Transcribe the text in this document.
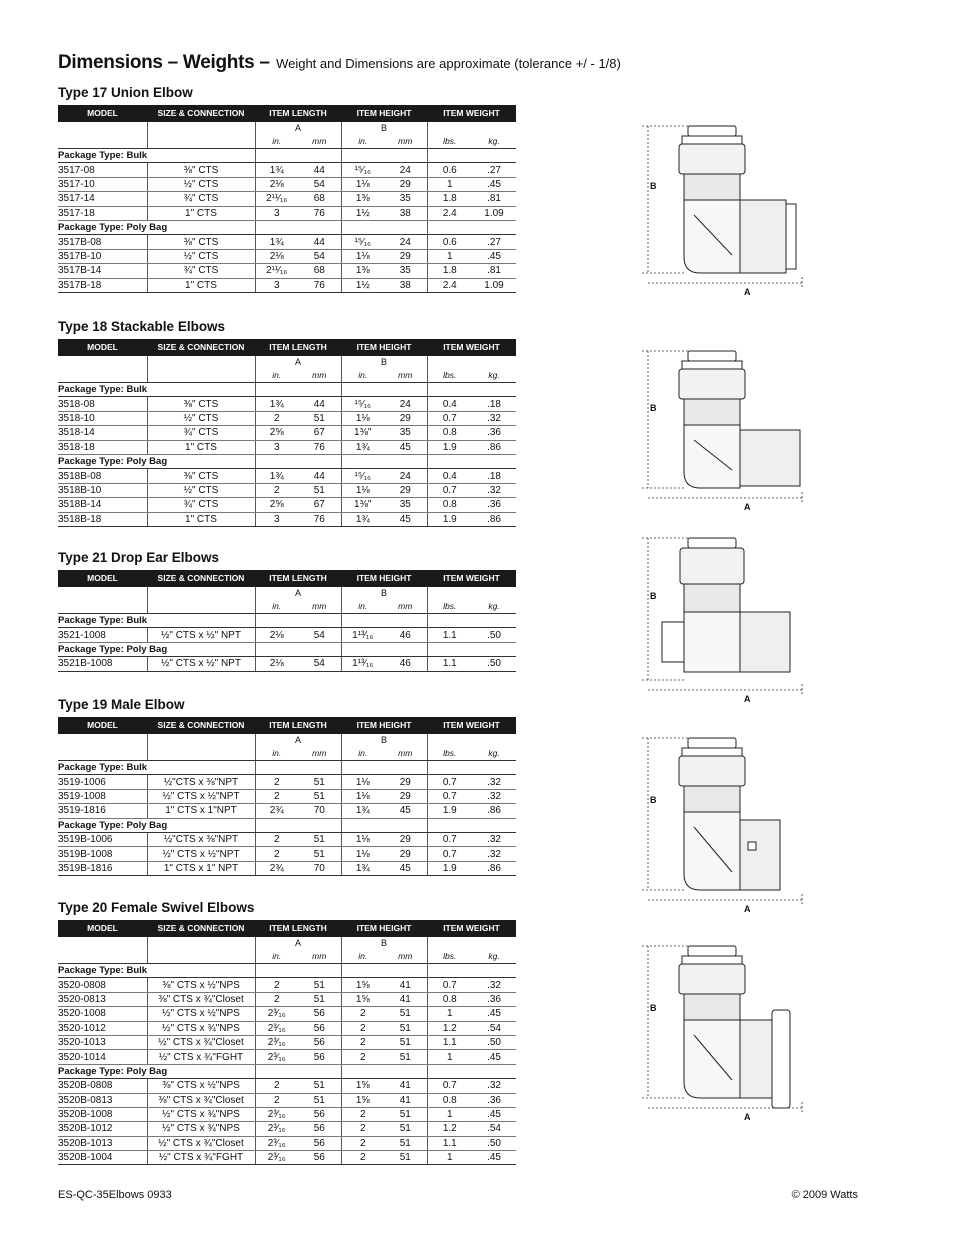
Dimensions – Weights – Weight and Dimensions are approximate (tolerance +/ - 1/8)
Type 17 Union Elbow
MODEL	SIZE & CONNECTION	ITEM LENGTH		ITEM HEIGHT		ITEM WEIGHT	
		A		B			
		in.	mm	in.	mm	lbs.	kg.
Package Type: Bulk							
3517-08	⅜" CTS	1¾	44	¹⁵⁄₁₆	24	0.6	.27
3517-10	½" CTS	2⅛	54	1⅛	29	1	.45
3517-14	¾" CTS	2¹¹⁄₁₆	68	1⅜	35	1.8	.81
3517-18	1" CTS	3	76	1½	38	2.4	1.09
Package Type: Poly Bag							
3517B-08	⅜" CTS	1¾	44	¹⁵⁄₁₆	24	0.6	.27
3517B-10	½" CTS	2⅛	54	1⅛	29	1	.45
3517B-14	¾" CTS	2¹¹⁄₁₆	68	1⅜	35	1.8	.81
3517B-18	1" CTS	3	76	1½	38	2.4	1.09
Type 18 Stackable Elbows
MODEL	SIZE & CONNECTION	ITEM LENGTH		ITEM HEIGHT		ITEM WEIGHT	
		A		B			
		in.	mm	in.	mm	lbs.	kg.
Package Type: Bulk							
3518-08	⅜" CTS	1¾	44	¹⁵⁄₁₆	24	0.4	.18
3518-10	½" CTS	2	51	1⅛	29	0.7	.32
3518-14	¾" CTS	2⅝	67	1⅜"	35	0.8	.36
3518-18	1" CTS	3	76	1¾	45	1.9	.86
Package Type: Poly Bag							
3518B-08	⅜" CTS	1¾	44	¹⁵⁄₁₆	24	0.4	.18
3518B-10	½" CTS	2	51	1⅛	29	0.7	.32
3518B-14	¾" CTS	2⅝	67	1⅜"	35	0.8	.36
3518B-18	1" CTS	3	76	1¾	45	1.9	.86
Type 21 Drop Ear Elbows
MODEL	SIZE & CONNECTION	ITEM LENGTH		ITEM HEIGHT		ITEM WEIGHT	
		A		B			
		in.	mm	in.	mm	lbs.	kg.
Package Type: Bulk							
3521-1008	½" CTS x ½" NPT	2⅛	54	1¹³⁄₁₆	46	1.1	.50
Package Type: Poly Bag							
3521B-1008	½" CTS x ½" NPT	2⅛	54	1¹³⁄₁₆	46	1.1	.50
Type 19 Male Elbow
MODEL	SIZE & CONNECTION	ITEM LENGTH		ITEM HEIGHT		ITEM WEIGHT	
		A		B			
		in.	mm	in.	mm	lbs.	kg.
Package Type: Bulk							
3519-1006	½"CTS x ⅜"NPT	2	51	1⅛	29	0.7	.32
3519-1008	½" CTS x ½"NPT	2	51	1⅛	29	0.7	.32
3519-1816	1" CTS x 1"NPT	2¾	70	1¾	45	1.9	.86
Package Type: Poly Bag							
3519B-1006	½"CTS x ⅜"NPT	2	51	1⅛	29	0.7	.32
3519B-1008	½" CTS x ½"NPT	2	51	1⅛	29	0.7	.32
3519B-1816	1" CTS x 1" NPT	2¾	70	1¾	45	1.9	.86
Type 20 Female Swivel Elbows
MODEL	SIZE & CONNECTION	ITEM LENGTH		ITEM HEIGHT		ITEM WEIGHT	
		A		B			
		in.	mm	in.	mm	lbs.	kg.
Package Type: Bulk							
3520-0808	⅜" CTS x ½"NPS	2	51	1⅝	41	0.7	.32
3520-0813	⅜" CTS x ¾"Closet	2	51	1⅝	41	0.8	.36
3520-1008	½" CTS x ½"NPS	2³⁄₁₆	56	2	51	1	.45
3520-1012	½" CTS x ¾"NPS	2³⁄₁₆	56	2	51	1.2	.54
3520-1013	½" CTS x ¾"Closet	2³⁄₁₆	56	2	51	1.1	.50
3520-1014	½" CTS x ¾"FGHT	2³⁄₁₆	56	2	51	1	.45
Package Type: Poly Bag							
3520B-0808	⅜" CTS x ½"NPS	2	51	1⅝	41	0.7	.32
3520B-0813	⅜" CTS x ¾"Closet	2	51	1⅝	41	0.8	.36
3520B-1008	½" CTS x ¾"NPS	2³⁄₁₆	56	2	51	1	.45
3520B-1012	½" CTS x ¾"NPS	2³⁄₁₆	56	2	51	1.2	.54
3520B-1013	½" CTS x ¾"Closet	2³⁄₁₆	56	2	51	1.1	.50
3520B-1004	½" CTS x ¾"FGHT	2³⁄₁₆	56	2	51	1	.45
B
A
B
A
B
A
B
A
B
A
ES-QC-35Elbows 0933	© 2009 Watts
